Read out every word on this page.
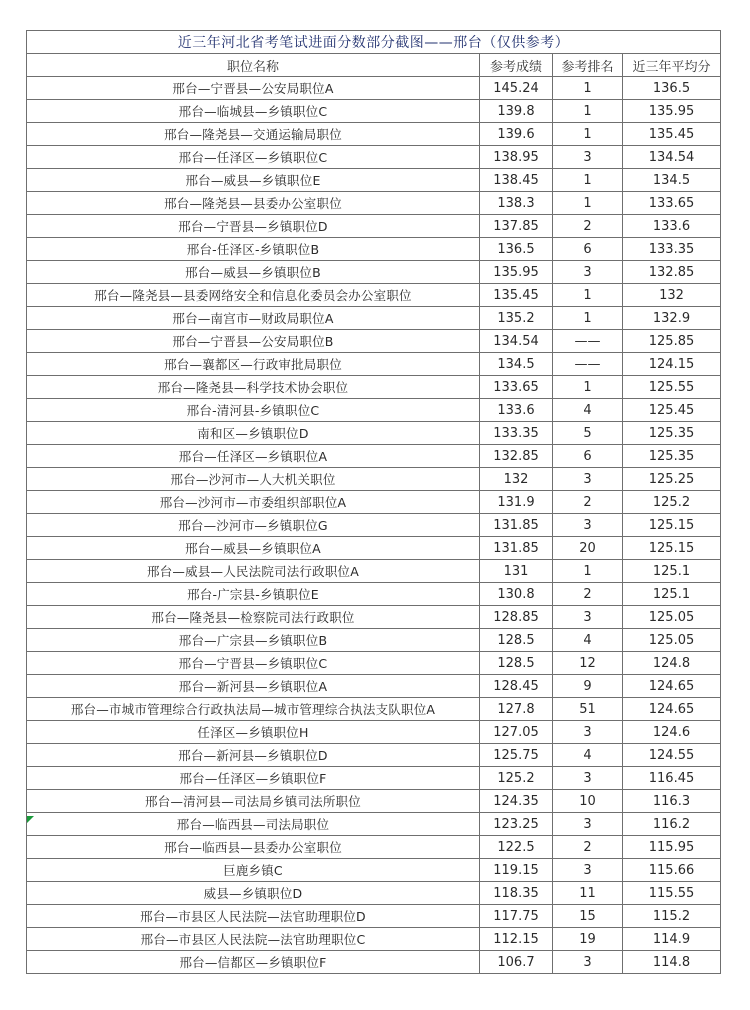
近三年河北省考笔试进面分数部分截图——邢台（仅供参考）			
职位名称	参考成绩	参考排名	近三年平均分
邢台—宁晋县—公安局职位A	145.24	1	136.5
邢台—临城县—乡镇职位C	139.8	1	135.95
邢台—隆尧县—交通运输局职位	139.6	1	135.45
邢台—任泽区—乡镇职位C	138.95	3	134.54
邢台—威县—乡镇职位E	138.45	1	134.5
邢台—隆尧县—县委办公室职位	138.3	1	133.65
邢台—宁晋县—乡镇职位D	137.85	2	133.6
邢台-任泽区-乡镇职位B	136.5	6	133.35
邢台—威县—乡镇职位B	135.95	3	132.85
邢台—隆尧县—县委网络安全和信息化委员会办公室职位	135.45	1	132
邢台—南宫市—财政局职位A	135.2	1	132.9
邢台—宁晋县—公安局职位B	134.54	——	125.85
邢台—襄都区—行政审批局职位	134.5	——	124.15
邢台—隆尧县—科学技术协会职位	133.65	1	125.55
邢台-清河县-乡镇职位C	133.6	4	125.45
南和区—乡镇职位D	133.35	5	125.35
邢台—任泽区—乡镇职位A	132.85	6	125.35
邢台—沙河市—人大机关职位	132	3	125.25
邢台—沙河市—市委组织部职位A	131.9	2	125.2
邢台—沙河市—乡镇职位G	131.85	3	125.15
邢台—威县—乡镇职位A	131.85	20	125.15
邢台—威县—人民法院司法行政职位A	131	1	125.1
邢台-广宗县-乡镇职位E	130.8	2	125.1
邢台—隆尧县—检察院司法行政职位	128.85	3	125.05
邢台—广宗县—乡镇职位B	128.5	4	125.05
邢台—宁晋县—乡镇职位C	128.5	12	124.8
邢台—新河县—乡镇职位A	128.45	9	124.65
邢台—市城市管理综合行政执法局—城市管理综合执法支队职位A	127.8	51	124.65
任泽区—乡镇职位H	127.05	3	124.6
邢台—新河县—乡镇职位D	125.75	4	124.55
邢台—任泽区—乡镇职位F	125.2	3	116.45
邢台—清河县—司法局乡镇司法所职位	124.35	10	116.3
邢台—临西县—司法局职位	123.25	3	116.2
邢台—临西县—县委办公室职位	122.5	2	115.95
巨鹿乡镇C	119.15	3	115.66
威县—乡镇职位D	118.35	11	115.55
邢台—市县区人民法院—法官助理职位D	117.75	15	115.2
邢台—市县区人民法院—法官助理职位C	112.15	19	114.9
邢台—信都区—乡镇职位F	106.7	3	114.8
